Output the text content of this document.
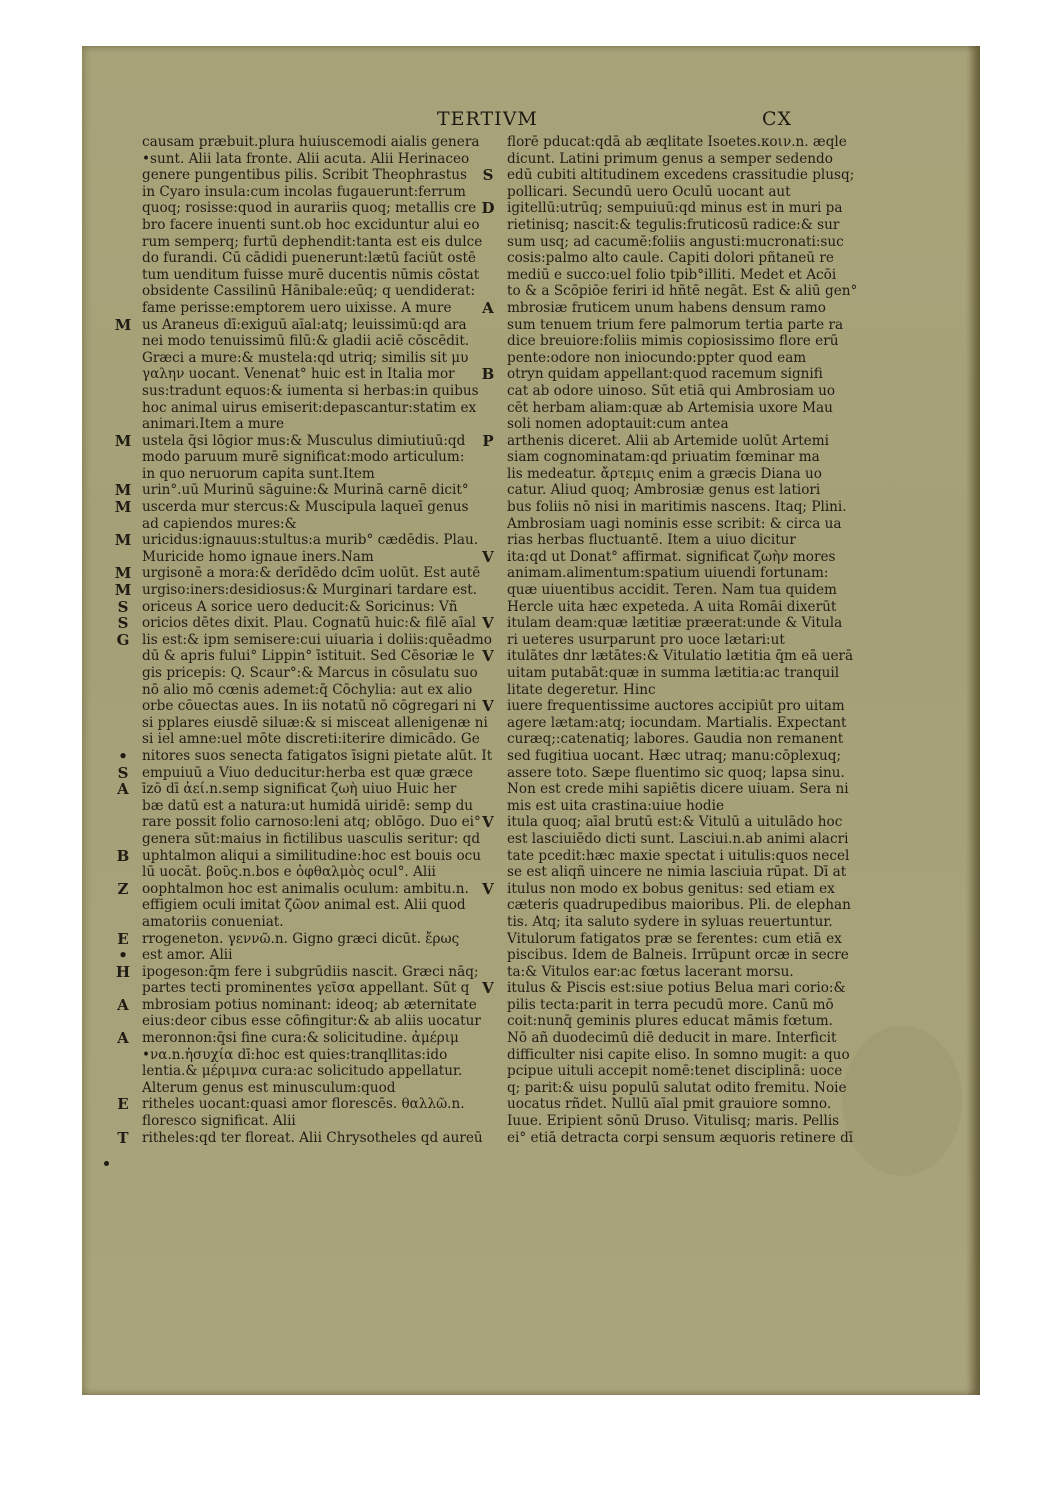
TERTIVM	CX
causam præbuit.plura huiuscemodi aialis genera
•sunt. Alii lata fronte. Alii acuta. Alii Herinaceo
genere pungentibus pilis. Scribit Theophrastus
in Cyaro insula:cum incolas fugauerunt:ferrum
quoq; rosisse:quod in aurariis quoq; metallis cre
bro facere inuenti sunt.ob hoc exciduntur alui eo
rum semperq; furtū dephendit:tanta est eis dulce
do furandi. Cū cādidi puenerunt:lætū faciūt ostē
tum uenditum fuisse murē ducentis nūmis cōstat
obsidente Cassilinū Hānibale:eūq; q uendiderat:
fame perisse:emptorem uero uixisse. A mure
M us Araneus dī:exiguū aīal:atq; leuissimū:qd ara
nei modo tenuissimū filū:& gladii aciē cōscēdit.
Græci a mure:& mustela:qd utriq; similis sit μυ
γαλην uocant. Venenat° huic est in Italia mor
sus:tradunt equos:& iumenta si herbas:in quibus
hoc animal uirus emiserit:depascantur:statim ex
animari.Item a mure
M ustela q̄si lōgior mus:& Musculus dimiutiuū:qd
modo paruum murē significat:modo articulum:
in quo neruorum capita sunt.Item
M urin°.uū Murinū sāguine:& Murinā carnē dicit°
M uscerda mur stercus:& Muscipula laqueī genus
ad capiendos mures:&
M uricidus:ignauus:stultus:a murib° cædēdis. Plau.
Muricide homo ignaue iners.Nam
M urgisonē a mora:& derīdēdo dcīm uolūt. Est autē
M urgiso:iners:desidiosus:& Murginari tardare est.
S oriceus A sorice uero deducit:& Soricinus: Vñ
S oricios dētes dixit. Plau. Cognatū huic:& filē aīal
G lis est:& ipm semisere:cui uiuaria i doliis:quēadmo
dū & apris fului° Lippin° īstituit. Sed Cēsoriæ le
gis pricepis: Q. Scaur°:& Marcus in cōsulatu suo
nō alio mō cœnis ademet:q̄ Cōchylia: aut ex alio
orbe cōuectas aues. In iis notatū nō cōgregari ni
si pplares eiusdē siluæ:& si misceat allenigenæ ni
si iel amne:uel mōte discreti:iterire dimicādo. Ge
•	nitores suos senecta fatigatos īsigni pietate alūt. It
S empuiuū a Viuo deducitur:herba est quæ græce
A īzō dī ἀεί.n.semp significat ζωὴ uiuo Huic her
bæ datū est a natura:ut humidā uiridē: semp du
rare possit folio carnoso:leni atq; oblōgo. Duo ei°
genera sūt:maius in fictilibus uasculis seritur: qd
B uphtalmon aliqui a similitudine:hoc est bouis ocu
lū uocāt. βοῦς.n.bos e ὀφθαλμὸς ocul°. Alii
Z oophtalmon hoc est animalis oculum: ambitu.n.
effigiem oculi imitat ζῶον animal est. Alii quod
amatoriis conueniat.
E rrogeneton. γεννῶ.n. Gigno græci dicūt. ἔρως
•	est amor. Alii
H ipogeson:q̄m fere i subgrūdiis nascit. Græci nāq;
partes tecti prominentes γεῖσα appellant. Sūt q
A mbrosiam potius nominant: ideoq; ab æternitate
eius:deor cibus esse cōfingitur:& ab aliis uocatur
A meronnon:q̄si fine cura:& solicitudine. ἀμέριμ
•να.n.ἡσυχία dī:hoc est quies:tranqllitas:ido
lentia.& μέριμνα cura:ac solicitudo appellatur.
Alterum genus est minusculum:quod
E ritheles uocant:quasi amor florescēs. θαλλῶ.n.
floresco significat. Alii
T ritheles:qd ter floreat. Alii Chrysotheles qd aureū
florē pducat:qdā ab æqlitate Isoetes.κοιν.n. æqle
dicunt. Latini primum genus a semper sedendo
S edū cubiti altitudinem excedens crassitudie plusq;
pollicari. Secundū uero Oculū uocant aut
D igitellū:utrūq; sempuiuū:qd minus est in muri pa
rietinisq; nascit:& tegulis:fruticosū radice:& sur
sum usq; ad cacumē:foliis angusti:mucronati:suc
cosis:palmo alto caule. Capiti dolori pñtaneū re
mediū e succo:uel folio tpib°illiti. Medet et Acōi
to & a Scōpiōe feriri id hñtē negāt. Est & aliū gen°
A mbrosiæ fruticem unum habens densum ramo
sum tenuem trium fere palmorum tertia parte ra
dice breuiore:foliis mimis copiosissimo flore erū
pente:odore non iniocundo:ppter quod eam
B otryn quidam appellant:quod racemum signifi
cat ab odore uinoso. Sūt etiā qui Ambrosiam uo
cēt herbam aliam:quæ ab Artemisia uxore Mau
soli nomen adoptauit:cum antea
P arthenis diceret. Alii ab Artemide uolūt Artemi
siam cognominatam:qd priuatim fœminar ma
lis medeatur. ἄρτεμις enim a græcis Diana uo
catur. Aliud quoq; Ambrosiæ genus est latiori
bus foliis nō nisi in maritimis nascens. Itaq; Plini.
Ambrosiam uagi nominis esse scribit: & circa ua
rias herbas fluctuantē. Item a uiuo dicitur
V ita:qd ut Donat° affirmat. significat ζωὴν mores
animam.alimentum:spatium uiuendi fortunam:
quæ uiuentibus accidit. Teren. Nam tua quidem
Hercle uita hæc expeteda. A uita Romāi dixerūt
V itulam deam:quæ lætitiæ præerat:unde & Vitula
ri ueteres usurparunt pro uoce lætari:ut
V itulātes dnr lætātes:& Vitulatio lætitia q̄m eā uerā
uitam putabāt:quæ in summa lætitia:ac tranquil
litate degeretur. Hinc
V iuere frequentissime auctores accipiūt pro uitam
agere lætam:atq; iocundam. Martialis. Expectant
curæq;:catenatiq; labores. Gaudia non remanent
sed fugitiua uocant. Hæc utraq; manu:cōplexuq;
assere toto. Sæpe fluentimo sic quoq; lapsa sinu.
Non est crede mihi sapiētis dicere uiuam. Sera ni
mis est uita crastina:uiue hodie
V itula quoq; aīal brutū est:& Vitulū a uitulādo hoc
est lasciuiēdo dicti sunt. Lasciui.n.ab animi alacri
tate pcedit:hæc maxie spectat i uitulis:quos necel
se est aliqñ uincere ne nimia lasciuia rūpat. Dī at
V itulus non modo ex bobus genitus: sed etiam ex
cæteris quadrupedibus maioribus. Pli. de elephan
tis. Atq; ita saluto sydere in syluas reuertuntur.
Vitulorum fatigatos præ se ferentes: cum etiā ex
piscibus. Idem de Balneis. Irrūpunt orcæ in secre
ta:& Vitulos ear:ac fœtus lacerant morsu.
V itulus & Piscis est:siue potius Belua mari corio:&
pilis tecta:parit in terra pecudū more. Canū mō
coit:nunq̄ geminis plures educat māmis fœtum.
Nō añ duodecimū diē deducit in mare. Interficit
difficulter nisi capite eliso. In somno mugit: a quo
pcipue uituli accepit nomē:tenet disciplinā: uoce
q; parit:& uisu populū salutat odito fremitu. Noie
uocatus rñdet. Nullū aīal pmit grauiore somno.
Iuue. Eripient sōnū Druso. Vitulisq; maris. Pellis
ei° etiā detracta corpi sensum æquoris retinere dī
